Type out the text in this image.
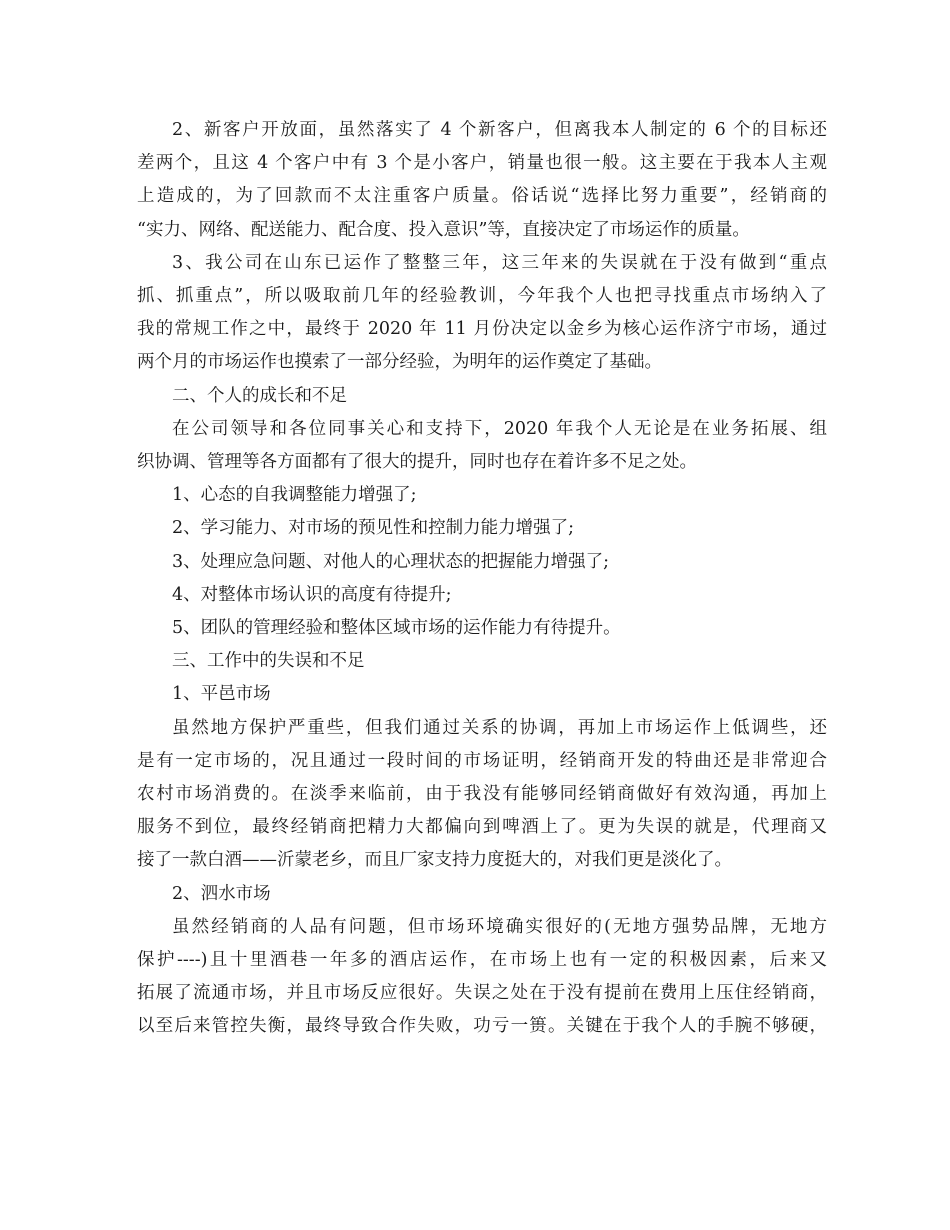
2、新客户开放面，虽然落实了 4 个新客户，但离我本人制定的 6 个的目标还
差两个，且这 4 个客户中有 3 个是小客户，销量也很一般。这主要在于我本人主观
上造成的，为了回款而不太注重客户质量。俗话说“选择比努力重要”，经销商的
“实力、网络、配送能力、配合度、投入意识”等，直接决定了市场运作的质量。
3、我公司在山东已运作了整整三年，这三年来的失误就在于没有做到“重点
抓、抓重点”，所以吸取前几年的经验教训，今年我个人也把寻找重点市场纳入了
我的常规工作之中，最终于 2020 年 11 月份决定以金乡为核心运作济宁市场，通过
两个月的市场运作也摸索了一部分经验，为明年的运作奠定了基础。
二、个人的成长和不足
在公司领导和各位同事关心和支持下，2020 年我个人无论是在业务拓展、组
织协调、管理等各方面都有了很大的提升，同时也存在着许多不足之处。
1、心态的自我调整能力增强了;
2、学习能力、对市场的预见性和控制力能力增强了;
3、处理应急问题、对他人的心理状态的把握能力增强了;
4、对整体市场认识的高度有待提升;
5、团队的管理经验和整体区域市场的运作能力有待提升。
三、工作中的失误和不足
1、平邑市场
虽然地方保护严重些，但我们通过关系的协调，再加上市场运作上低调些，还
是有一定市场的，况且通过一段时间的市场证明，经销商开发的特曲还是非常迎合
农村市场消费的。在淡季来临前，由于我没有能够同经销商做好有效沟通，再加上
服务不到位，最终经销商把精力大都偏向到啤酒上了。更为失误的就是，代理商又
接了一款白酒——沂蒙老乡，而且厂家支持力度挺大的，对我们更是淡化了。
2、泗水市场
虽然经销商的人品有问题，但市场环境确实很好的(无地方强势品牌，无地方
保护----)且十里酒巷一年多的酒店运作，在市场上也有一定的积极因素，后来又
拓展了流通市场，并且市场反应很好。失误之处在于没有提前在费用上压住经销商，
以至后来管控失衡，最终导致合作失败，功亏一篑。关键在于我个人的手腕不够硬，
